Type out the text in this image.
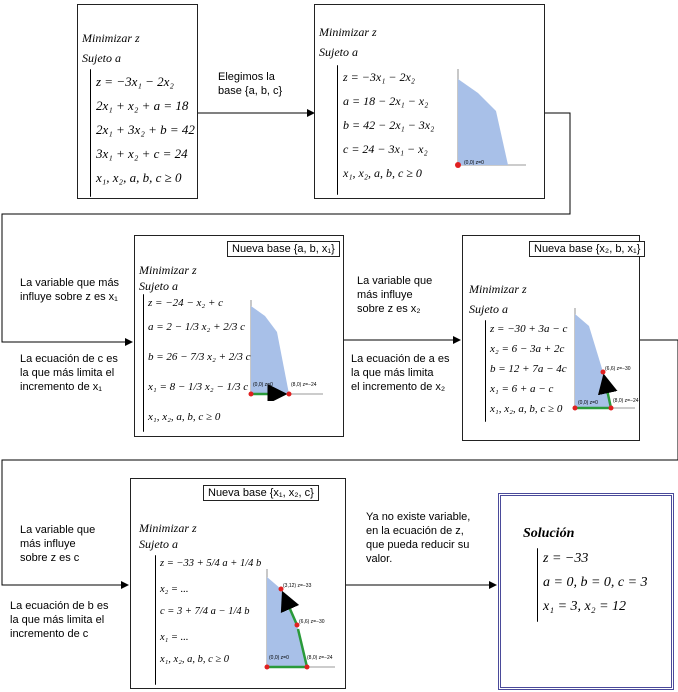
Minimizar z
Sujeto a
z = −3x₁ − 2x₂
2x₁ + x₂ + a = 18
2x₁ + 3x₂ + b = 42
3x₁ + x₂ + c = 24
x₁, x₂, a, b, c ≥ 0
Elegimos la
base {a, b, c}
Minimizar z
Sujeto a
z = −3x₁ − 2x₂
a = 18 − 2x₁ − x₂
b = 42 − 2x₁ − 3x₂
c = 24 − 3x₁ − x₂
x₁, x₂, a, b, c ≥ 0
(0,0) z=0
La variable que más
influye sobre z es x₁
La ecuación de c es
la que más limita el
incremento de x₁
Nueva base {a, b, x₁}
Minimizar z
Sujeto a
z = −24 − x₂ + c
a = 2 − 1/3 x₂ + 2/3 c
b = 26 − 7/3 x₂ + 2/3 c
x₁ = 8 − 1/3 x₂ − 1/3 c
x₁, x₂, a, b, c ≥ 0
(0,0) z=0	(8,0) z=−24
La variable que
más influye
sobre z es x₂
La ecuación de a es
la que más limita
el incremento de x₂
Nueva base {x₂, b, x₁}
Minimizar z
Sujeto a
z = −30 + 3a − c
x₂ = 6 − 3a + 2c
b = 12 + 7a − 4c
x₁ = 6 + a − c
x₁, x₂, a, b, c ≥ 0
(6,6) z=−30
(0,0) z=0	(8,0) z=−24
La variable que
más influye
sobre z es c
La ecuación de b es
la que más limita el
incremento de c
Nueva base {x₁, x₂, c}
Minimizar z
Sujeto a
z = −33 + 5/4 a + 1/4 b
x₂ = ...
c = 3 + 7/4 a − 1/4 b
x₁ = ...
x₁, x₂, a, b, c ≥ 0
(3,12) z=−33
(6,6) z=−30
(0,0) z=0	(8,0) z=−24
Ya no existe variable,
en la ecuación de z,
que pueda reducir su
valor.
Solución
z = −33
a = 0, b = 0, c = 3
x₁ = 3, x₂ = 12
